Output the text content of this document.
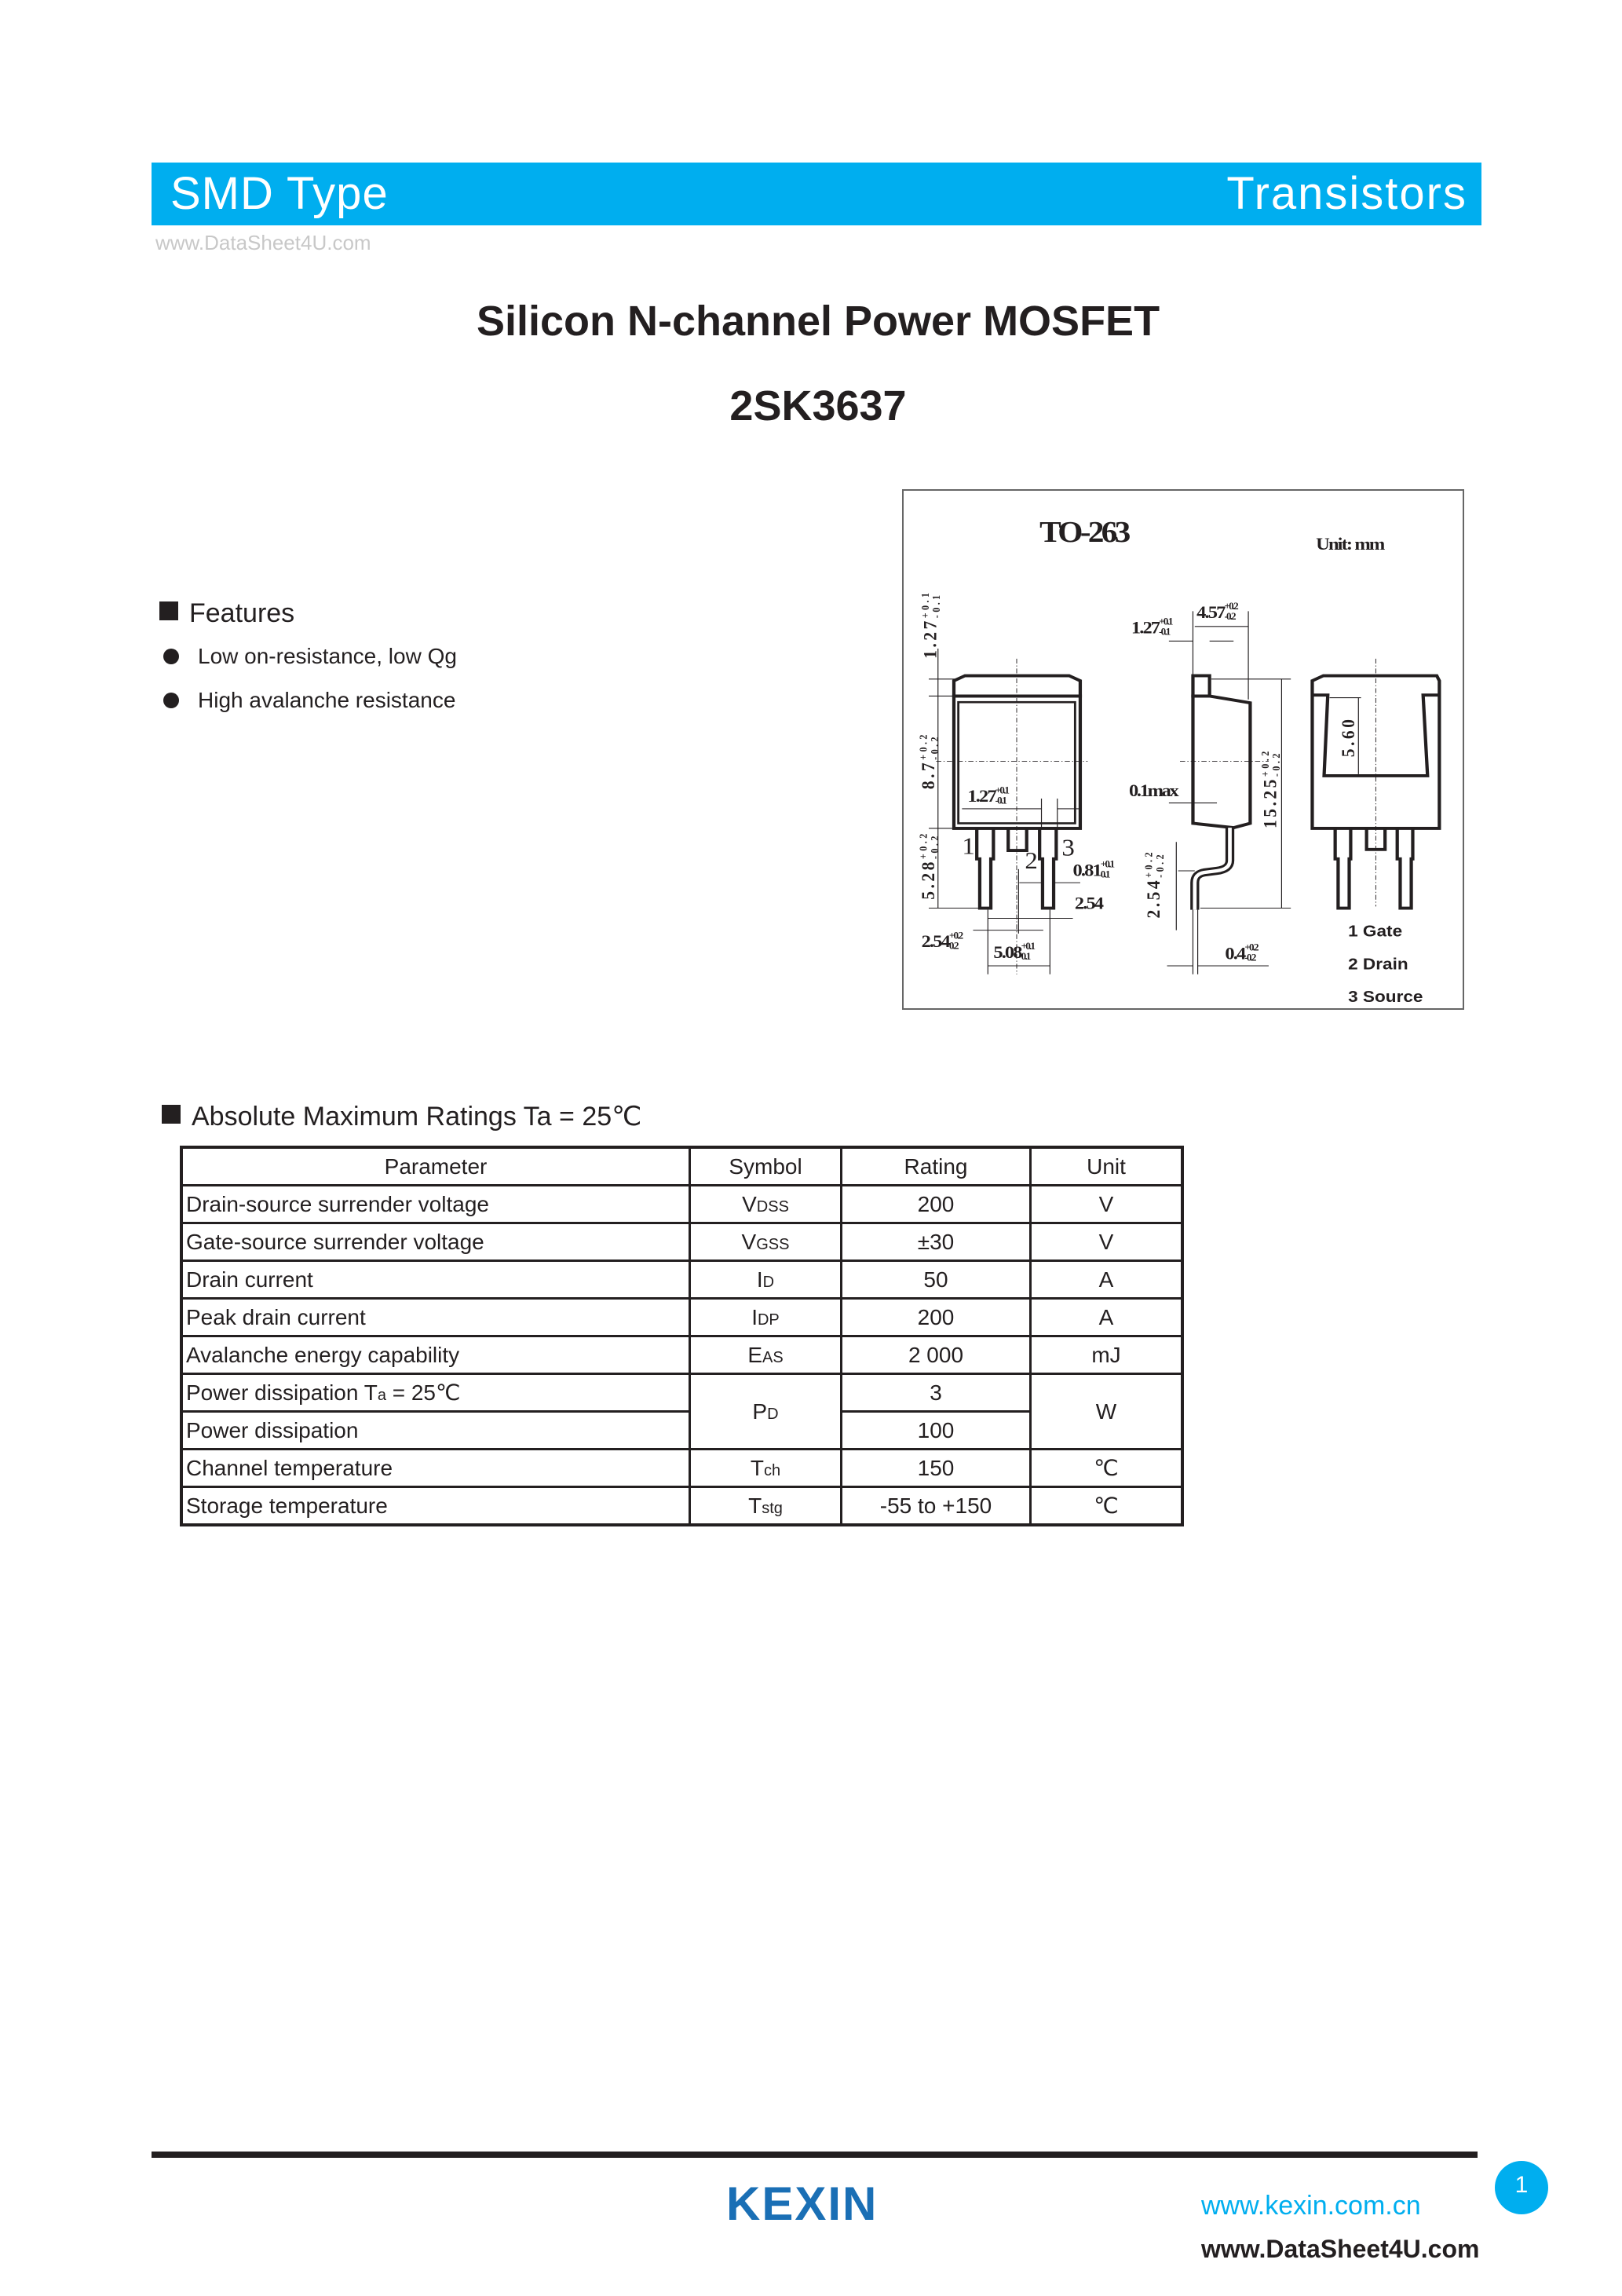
SMD Type	Transistors
www.DataSheet4U.com
Silicon N-channel Power MOSFET
2SK3637
Features
Low on-resistance, low Qg
High avalanche resistance
TO-263	Unit: mm
$1.27^{+0.1}-0.1$
$8.7^{+0.2}-0.2$
$5.28^{+0.2}-0.2$
$1.27^{+0.1}$ -0.1
1
2 3
$0.81^{+0.1}$ 0.1
2.54
$2.54^{+0.2}$ 0.2 $5.08^{+0.1}$ 0.1
$4.57^{+0.2}$ -0.2
$1.27^{+0.1}$ -0.1
0.1max $15.25^{+0.2}-0.2$
$2.54^{+0.2}-0.2$
$0.4^{+0.2}$ -0.2
5.60
1 Gate
2 Drain
3 Source
Absolute Maximum Ratings Ta = 25℃
Parameter	Symbol	Rating	Unit
Drain-source surrender voltage	VDSS	200	V
Gate-source surrender voltage	VGSS	±30	V
Drain current	ID	50	A
Peak drain current	IDP	200	A
Avalanche energy capability	EAS	2 000	mJ
Power dissipation Ta = 25℃	PD	3	W
Power dissipation		100	
Channel temperature	Tch	150	℃
Storage temperature	Tstg	-55 to +150	℃
KEXIN	1
www.kexin.com.cn
www.DataSheet4U.com
